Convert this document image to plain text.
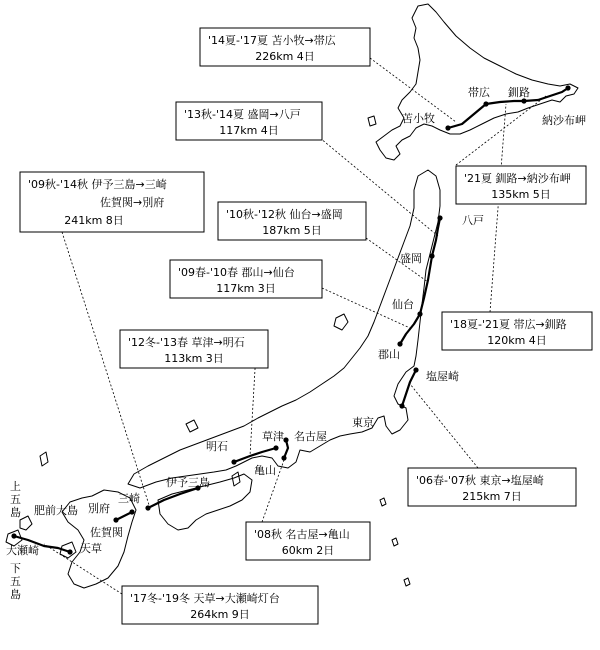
帯広 釧路
納沙布岬
苫小牧
八戸
盛岡
仙台
郡山
塩屋崎
東京
草津 名古屋
亀山
明石
伊予三島
三崎
別府
佐賀関
天草
肥前大島
大瀬崎
上五島
下五島
'14夏-'17夏 苫小牧→帯広
226km 4日
'13秋-'14夏 盛岡→八戸
117km 4日
'09秋-'14秋 伊予三島→三崎
佐賀関→別府
241km 8日
'21夏 釧路→納沙布岬
135km 5日
'10秋-'12秋 仙台→盛岡
187km 5日
'09春-'10春 郡山→仙台
117km 3日
'18夏-'21夏 帯広→釧路
120km 4日
'12冬-'13春 草津→明石
113km 3日
'06春-'07秋 東京→塩屋崎
215km 7日
'08秋 名古屋→亀山
60km 2日
'17冬-'19冬 天草→大瀬崎灯台
264km 9日
